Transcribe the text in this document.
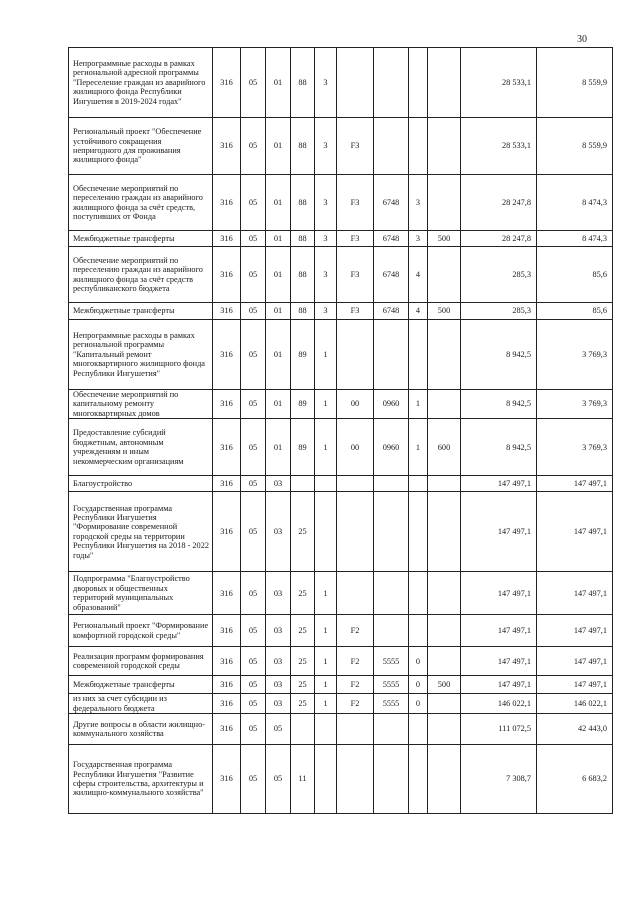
30
Непрограммные расходы в рамках региональной адресной программы "Переселение граждан из аварийного жилищного фонда Республики Ингушетия в 2019-2024 годах"	316	05	01	88	3					28 533,1	8 559,9
Региональный проект "Обеспечение устойчивого сокращения непригодного для проживания жилищного фонда"	316	05	01	88	3	F3				28 533,1	8 559,9
Обеспечение мероприятий по переселению граждан из аварийного жилищного фонда за счёт средств, поступивших от Фонда	316	05	01	88	3	F3	6748	3		28 247,8	8 474,3
Межбюджетные трансферты	316	05	01	88	3	F3	6748	3	500	28 247,8	8 474,3
Обеспечение мероприятий по переселению граждан из аварийного жилищного фонда за счёт средств республиканского бюджета	316	05	01	88	3	F3	6748	4		285,3	85,6
Межбюджетные трансферты	316	05	01	88	3	F3	6748	4	500	285,3	85,6
Непрограммные расходы в рамках региональной программы "Капитальный ремонт многоквартирного жилищного фонда Республики Ингушетия"	316	05	01	89	1					8 942,5	3 769,3
Обеспечение мероприятий по капитальному ремонту многоквартирных домов	316	05	01	89	1	00	0960	1		8 942,5	3 769,3
Предоставление субсидий бюджетным, автономным учреждениям и иным некоммерческим организациям	316	05	01	89	1	00	0960	1	600	8 942,5	3 769,3
Благоустройство	316	05	03							147 497,1	147 497,1
Государственная программа Республики Ингушетия "Формирование современной городской среды на территории Республики Ингушетия на 2018 - 2022 годы"	316	05	03	25						147 497,1	147 497,1
Подпрограмма "Благоустройство дворовых и общественных территорий муниципальных образований"	316	05	03	25	1					147 497,1	147 497,1
Региональный проект "Формирование комфортной городской среды"	316	05	03	25	1	F2				147 497,1	147 497,1
Реализация программ формирования современной городской среды	316	05	03	25	1	F2	5555	0		147 497,1	147 497,1
Межбюджетные трансферты	316	05	03	25	1	F2	5555	0	500	147 497,1	147 497,1
из них за счет субсидии из федерального бюджета	316	05	03	25	1	F2	5555	0		146 022,1	146 022,1
Другие вопросы в области жилищно-коммунального хозяйства	316	05	05							111 072,5	42 443,0
Государственная программа Республики Ингушетия "Развитие сферы строительства, архитектуры и жилищно-коммунального хозяйства"	316	05	05	11						7 308,7	6 683,2
